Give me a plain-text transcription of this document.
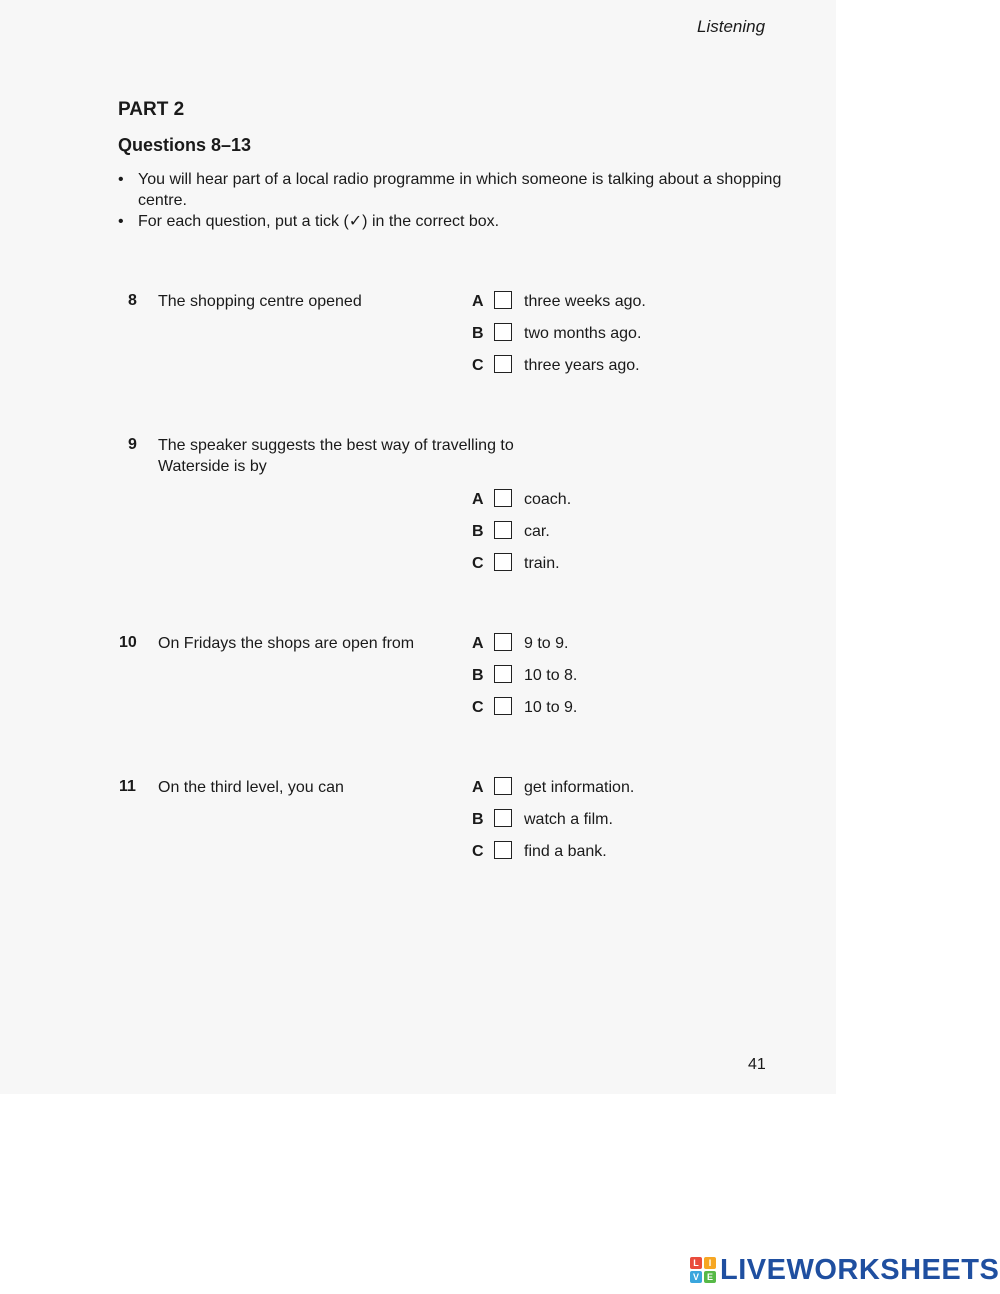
Listening
PART 2
Questions 8–13
• You will hear part of a local radio programme in which someone is talking about a shopping centre.
• For each question, put a tick (✓) in the correct box.
8 The shopping centre opened	A	three weeks ago.
B	two months ago.
C	three years ago.
9 The speaker suggests the best way of travelling to Waterside is by
A	coach.
B	car.
C	train.
10 On Fridays the shops are open from	A	9 to 9.
B	10 to 8.
C	10 to 9.
11 On the third level, you can	A	get information.
B	watch a film.
C	find a bank.
41
L	I
V E LIVEWORKSHEETS
